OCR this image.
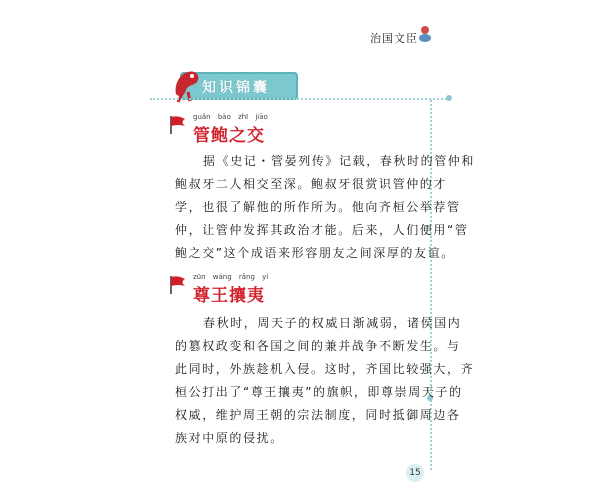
治国文臣
知识锦囊
guǎn bào zhī jiāo
管鲍之交
据《史记・管晏列传》记载，春秋时的管仲和
鲍叔牙二人相交至深。鲍叔牙很赏识管仲的才
学，也很了解他的所作所为。他向齐桓公举荐管
仲，让管仲发挥其政治才能。后来，人们便用“管
鲍之交”这个成语来形容朋友之间深厚的友谊。
zūn wáng rǎng yí
尊王攘夷
春秋时，周天子的权威日渐减弱，诸侯国内
的篡权政变和各国之间的兼并战争不断发生。与
此同时，外族趁机入侵。这时，齐国比较强大，齐
桓公打出了“尊王攘夷”的旗帜，即尊崇周天子的
权威，维护周王朝的宗法制度，同时抵御周边各
族对中原的侵扰。
15
